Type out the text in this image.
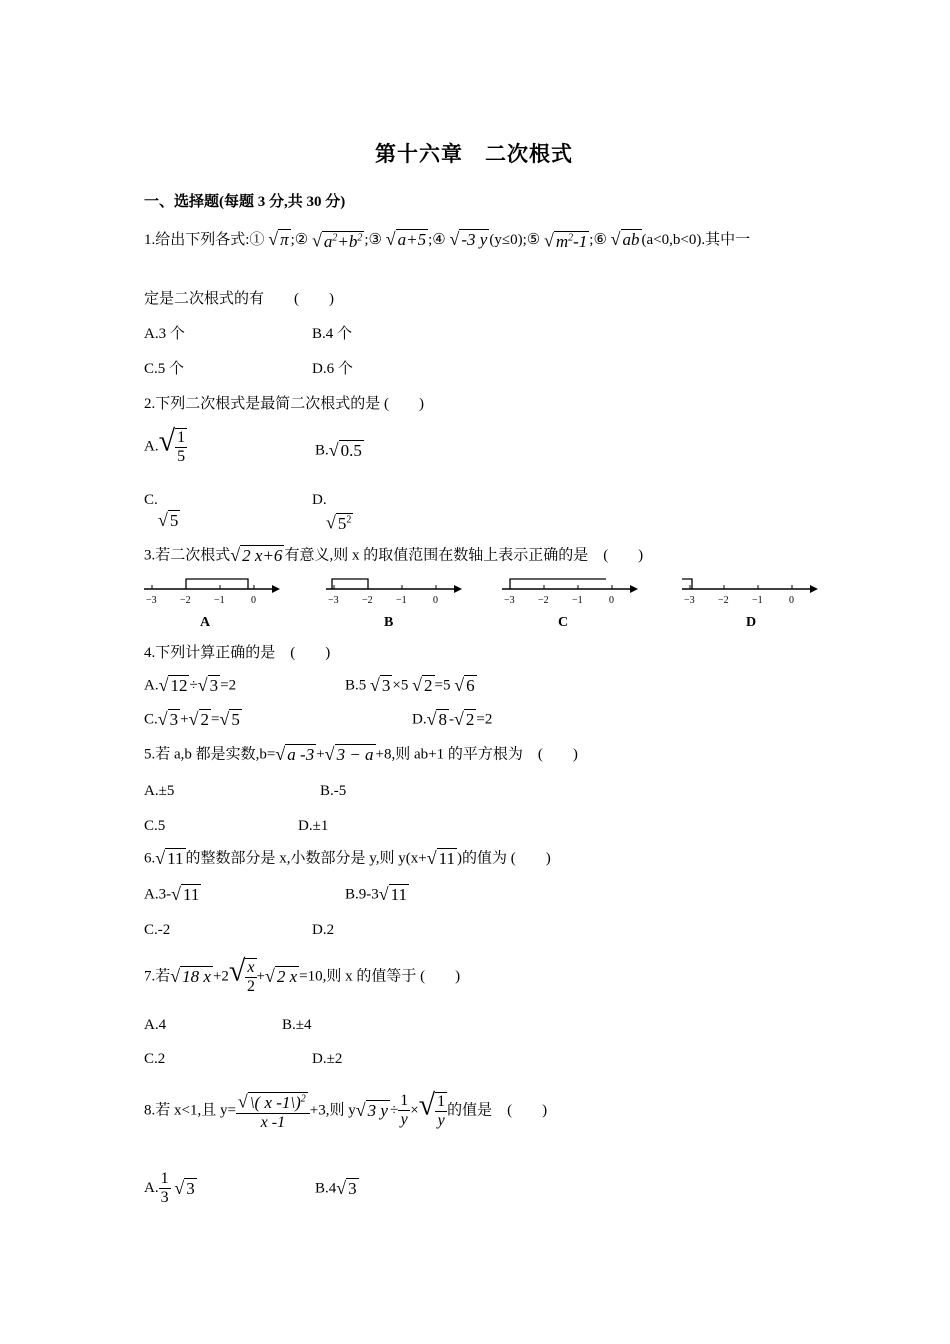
第十六章　二次根式
一、选择题(每题 3 分,共 30 分)
1.给出下列各式:① √ π ;② √ $a^2+b^2$ ;③ √ a+5 ;④ √ -3 y (y≤0);⑤ √ $m^2-1$ ;⑥ √ ab (a<0,b<0).其中一
定是二次根式的有　　(　　)
A.3 个	B.4 个
C.5 个	D.6 个
2.下列二次根式是最简二次根式的是 (　　)
$A.√ \frac{1}{5}$	B.√ 0.5
C.
√ 5
D.
√ $5^2$
3.若二次根式√ 2 x+6 有意义,则 x 的取值范围在数轴上表示正确的是　(　　)
−3 −2 −1	0
A
−3 −2 −1	0
B
−3 −2 −1	0
C
−3 −2 −1	0
D
4.下列计算正确的是　(　　)
A.√ 12 ÷√ 3 =2	B.5 √ 3 ×5 √ 2 =5 √ 6
C.√ 3 +√ 2 =√ 5	D.√ 8 -√ 2 =2
5.若 a,b 都是实数,b=√ a -3 +√ 3 − a +8,则 ab+1 的平方根为　(　　)
A.±5	B.-5
C.5	D.±1
6.√ 11 的整数部分是 x,小数部分是 y,则 y(x+√ 11 )的值为 (　　)
A.3-√ 11	B.9-3√ 11
C.-2	D.2
7.若√ 18 $x +2√ \frac{x}{2}$ +√ 2 x =10,则 x 的值等于 (　　)
A.4	B.±4
C.2	D.±2
8.若 x<1,且 $y= \frac{√ \backslash( x -1\backslash)^2}{x -1} +3$,则 y√ 3 $y \div \frac{1}{y}$ ×√ $\frac{1}{y}$ 的值是　(　　)
A. $\frac{1}{3}$ √ 3	B.4√ 3
